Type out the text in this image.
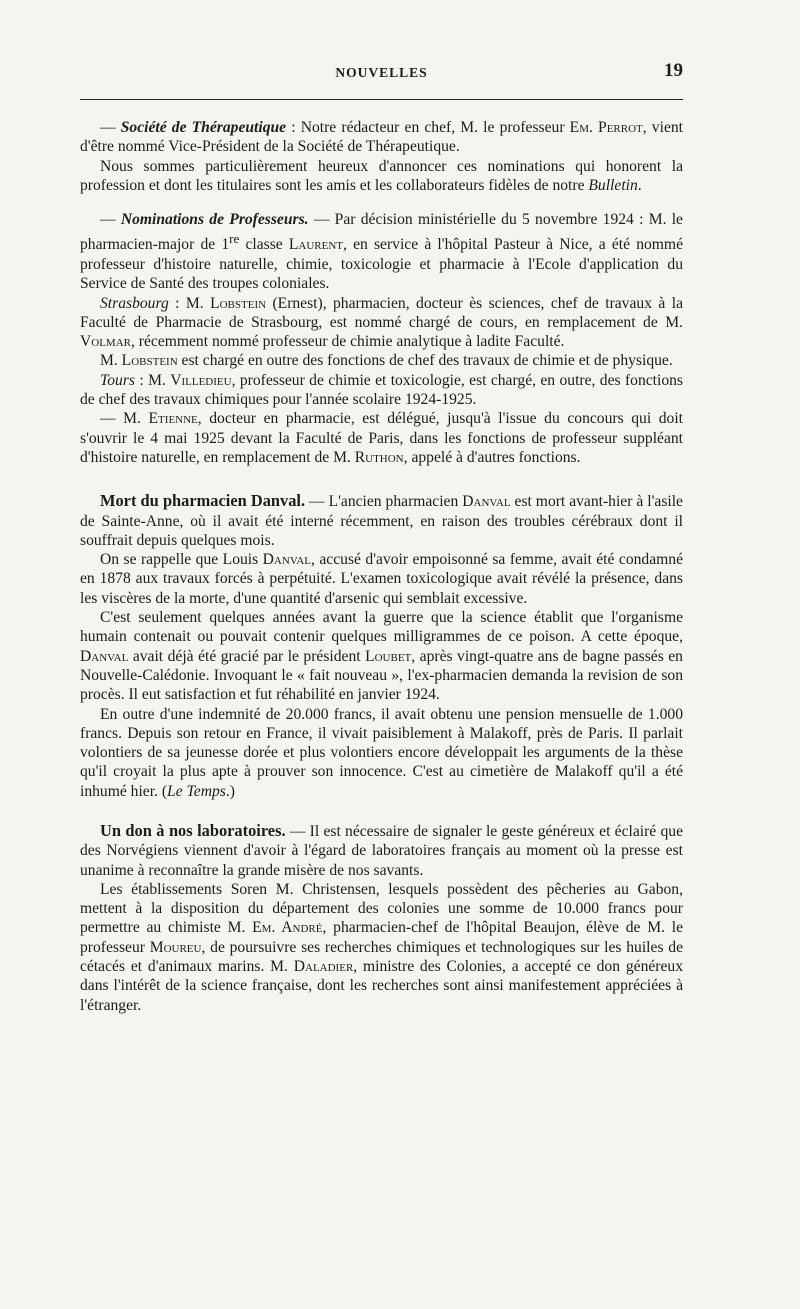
NOUVELLES	19

— Société de Thérapeutique : Notre rédacteur en chef, M. le professeur Em. Perrot, vient d'être nommé Vice-Président de la Société de Thérapeutique.

Nous sommes particulièrement heureux d'annoncer ces nominations qui honorent la profession et dont les titulaires sont les amis et les collaborateurs fidèles de notre Bulletin.

— Nominations de Professeurs. — Par décision ministérielle du 5 novembre 1924 : M. le pharmacien-major de 1re classe Laurent, en service à l'hôpital Pasteur à Nice, a été nommé professeur d'histoire naturelle, chimie, toxicologie et pharmacie à l'Ecole d'application du Service de Santé des troupes coloniales.

Strasbourg : M. Lobstein (Ernest), pharmacien, docteur ès sciences, chef de travaux à la Faculté de Pharmacie de Strasbourg, est nommé chargé de cours, en remplacement de M. Volmar, récemment nommé professeur de chimie analytique à ladite Faculté.

M. Lobstein est chargé en outre des fonctions de chef des travaux de chimie et de physique.

Tours : M. Villedieu, professeur de chimie et toxicologie, est chargé, en outre, des fonctions de chef des travaux chimiques pour l'année scolaire 1924-1925.

— M. Etienne, docteur en pharmacie, est délégué, jusqu'à l'issue du concours qui doit s'ouvrir le 4 mai 1925 devant la Faculté de Paris, dans les fonctions de professeur suppléant d'histoire naturelle, en remplacement de M. Ruthon, appelé à d'autres fonctions.

Mort du pharmacien Danval. — L'ancien pharmacien Danval est mort avant-hier à l'asile de Sainte-Anne, où il avait été interné récemment, en raison des troubles cérébraux dont il souffrait depuis quelques mois.

On se rappelle que Louis Danval, accusé d'avoir empoisonné sa femme, avait été condamné en 1878 aux travaux forcés à perpétuité. L'examen toxicologique avait révélé la présence, dans les viscères de la morte, d'une quantité d'arsenic qui semblait excessive.

C'est seulement quelques années avant la guerre que la science établit que l'organisme humain contenait ou pouvait contenir quelques milligrammes de ce poison. A cette époque, Danval avait déjà été gracié par le président Loubet, après vingt-quatre ans de bagne passés en Nouvelle-Calédonie. Invoquant le « fait nouveau », l'ex-pharmacien demanda la revision de son procès. Il eut satisfaction et fut réhabilité en janvier 1924.

En outre d'une indemnité de 20.000 francs, il avait obtenu une pension mensuelle de 1.000 francs. Depuis son retour en France, il vivait paisiblement à Malakoff, près de Paris. Il parlait volontiers de sa jeunesse dorée et plus volontiers encore développait les arguments de la thèse qu'il croyait la plus apte à prouver son innocence. C'est au cimetière de Malakoff qu'il a été inhumé hier. (Le Temps.)

Un don à nos laboratoires. — Il est nécessaire de signaler le geste généreux et éclairé que des Norvégiens viennent d'avoir à l'égard de laboratoires français au moment où la presse est unanime à reconnaître la grande misère de nos savants.

Les établissements Soren M. Christensen, lesquels possèdent des pêcheries au Gabon, mettent à la disposition du département des colonies une somme de 10.000 francs pour permettre au chimiste M. Em. André, pharmacien-chef de l'hôpital Beaujon, élève de M. le professeur Moureu, de poursuivre ses recherches chimiques et technologiques sur les huiles de cétacés et d'animaux marins. M. Daladier, ministre des Colonies, a accepté ce don généreux dans l'intérêt de la science française, dont les recherches sont ainsi manifestement appréciées à l'étranger.
